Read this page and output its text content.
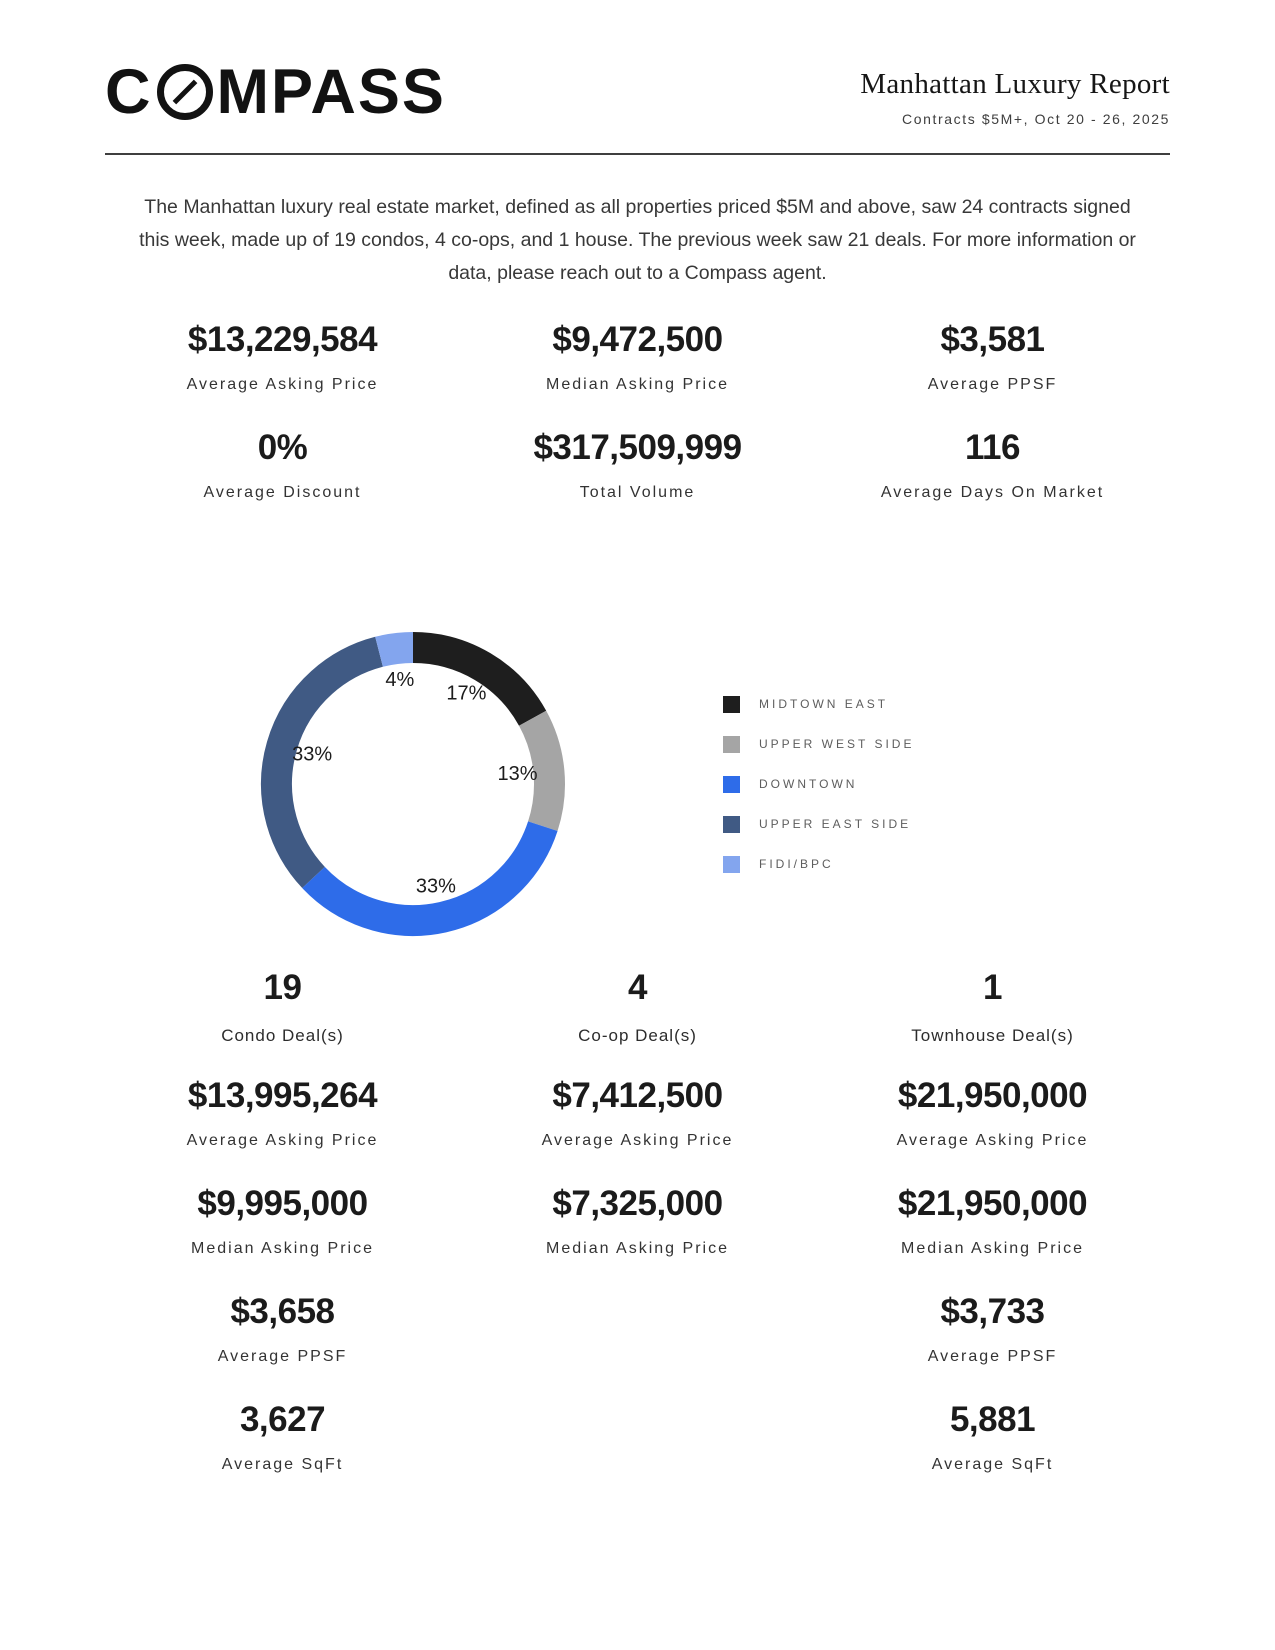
C MPASS	Manhattan Luxury Report
Contracts $5M+, Oct 20 - 26, 2025

The Manhattan luxury real estate market, defined as all properties priced $5M and above, saw 24 contracts signed this week, made up of 19 condos, 4 co-ops, and 1 house. The previous week saw 21 deals. For more information or data, please reach out to a Compass agent.

$13,229,584
Average Asking Price
$9,472,500
Median Asking Price
$3,581
Average PPSF
0%
Average Discount
$317,509,999
Total Volume
116
Average Days On Market
17%
13%
33%
33%
4%
MIDTOWN EAST
UPPER WEST SIDE
DOWNTOWN
UPPER EAST SIDE
FIDI/BPC
19
Condo Deal(s)
$13,995,264
Average Asking Price
$9,995,000
Median Asking Price
$3,658
Average PPSF
3,627
Average SqFt
4
Co-op Deal(s)
$7,412,500
Average Asking Price
$7,325,000
Median Asking Price
1
Townhouse Deal(s)
$21,950,000
Average Asking Price
$21,950,000
Median Asking Price
$3,733
Average PPSF
5,881
Average SqFt
